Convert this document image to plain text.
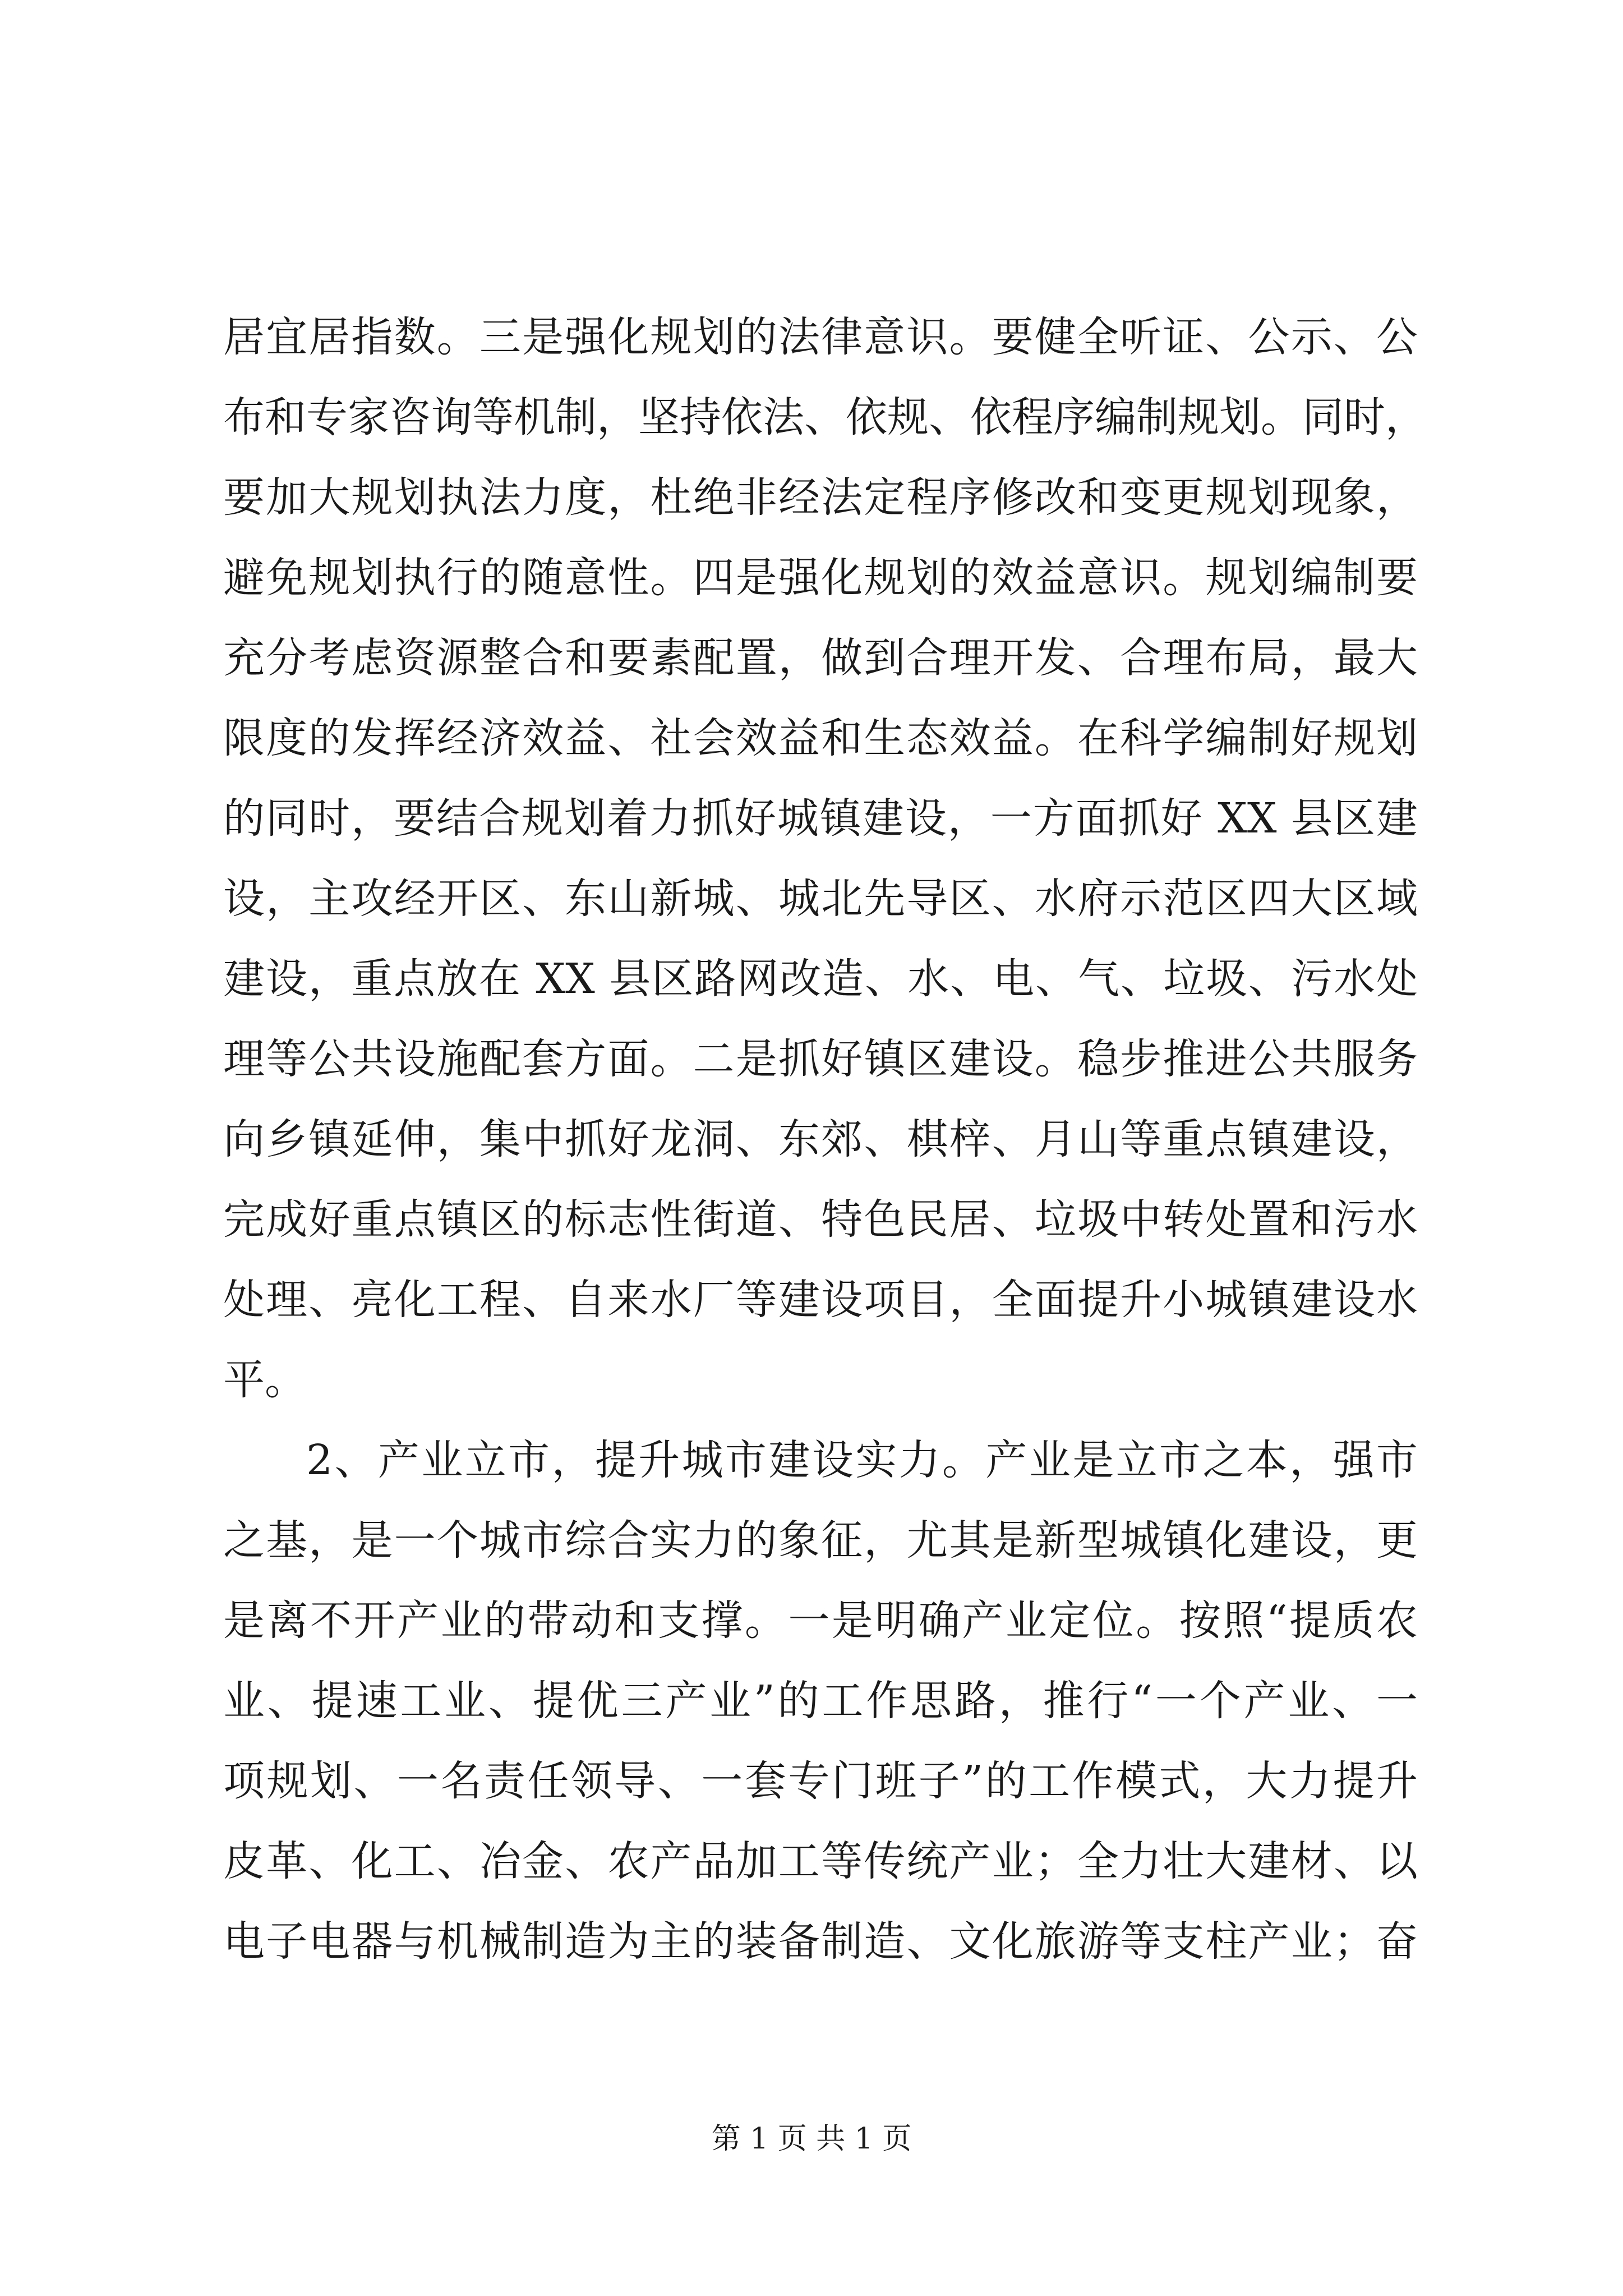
居宜居指数。三是强化规划的法律意识。要健全听证、公示、公
布和专家咨询等机制，坚持依法、依规、依程序编制规划。同时，
要加大规划执法力度，杜绝非经法定程序修改和变更规划现象，
避免规划执行的随意性。四是强化规划的效益意识。规划编制要
充分考虑资源整合和要素配置，做到合理开发、合理布局，最大
限度的发挥经济效益、社会效益和生态效益。在科学编制好规划
的同时，要结合规划着力抓好城镇建设，一方面抓好 XX 县区建
设，主攻经开区、东山新城、城北先导区、水府示范区四大区域
建设，重点放在 XX 县区路网改造、水、电、气、垃圾、污水处
理等公共设施配套方面。二是抓好镇区建设。稳步推进公共服务
向乡镇延伸，集中抓好龙洞、东郊、棋梓、月山等重点镇建设，
完成好重点镇区的标志性街道、特色民居、垃圾中转处置和污水
处理、亮化工程、自来水厂等建设项目，全面提升小城镇建设水
平。
2、产业立市，提升城市建设实力。产业是立市之本，强市
之基，是一个城市综合实力的象征，尤其是新型城镇化建设，更
是离不开产业的带动和支撑。一是明确产业定位。按照“提质农
业、提速工业、提优三产业”的工作思路，推行“一个产业、一
项规划、一名责任领导、一套专门班子”的工作模式，大力提升
皮革、化工、冶金、农产品加工等传统产业；全力壮大建材、以
电子电器与机械制造为主的装备制造、文化旅游等支柱产业；奋
第 1 页 共 1 页
